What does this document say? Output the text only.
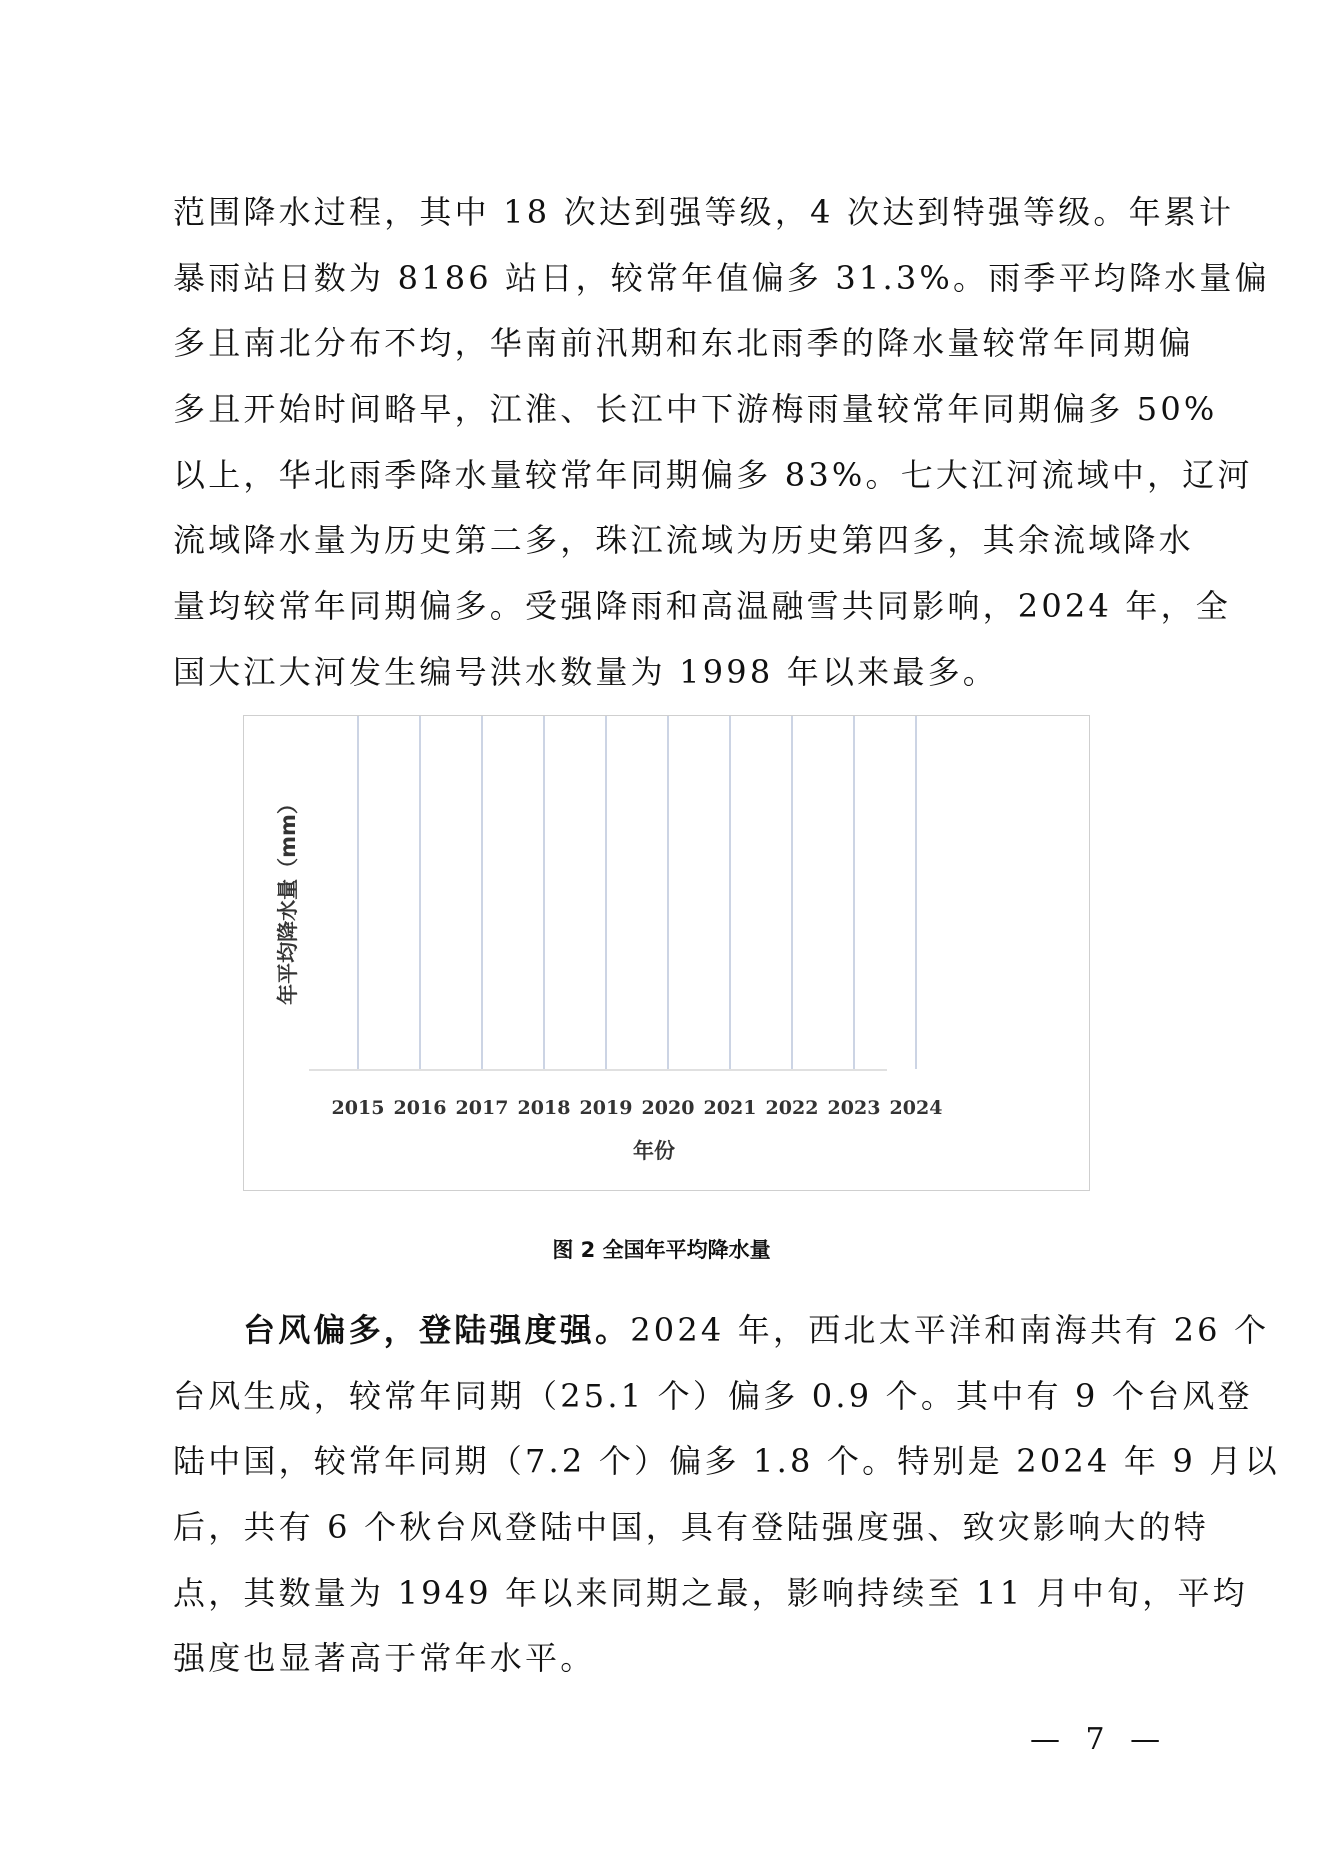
范围降水过程，其中 18 次达到强等级，4 次达到特强等级。年累计
暴雨站日数为 8186 站日，较常年值偏多 31.3%。雨季平均降水量偏
多且南北分布不均，华南前汛期和东北雨季的降水量较常年同期偏
多且开始时间略早，江淮、长江中下游梅雨量较常年同期偏多 50%
以上，华北雨季降水量较常年同期偏多 83%。七大江河流域中，辽河
流域降水量为历史第二多，珠江流域为历史第四多，其余流域降水
量均较常年同期偏多。受强降雨和高温融雪共同影响，2024 年，全
国大江大河发生编号洪水数量为 1998 年以来最多。
2015 2016 2017 2018 2019 2020 2021 2022 2023 2024
年份
年平均降水量（mm）
图 2 全国年平均降水量
台风偏多，登陆强度强。2024 年，西北太平洋和南海共有 26 个
台风生成，较常年同期（25.1 个）偏多 0.9 个。其中有 9 个台风登
陆中国，较常年同期（7.2 个）偏多 1.8 个。特别是 2024 年 9 月以
后，共有 6 个秋台风登陆中国，具有登陆强度强、致灾影响大的特
点，其数量为 1949 年以来同期之最，影响持续至 11 月中旬，平均
强度也显著高于常年水平。
— 7 —
